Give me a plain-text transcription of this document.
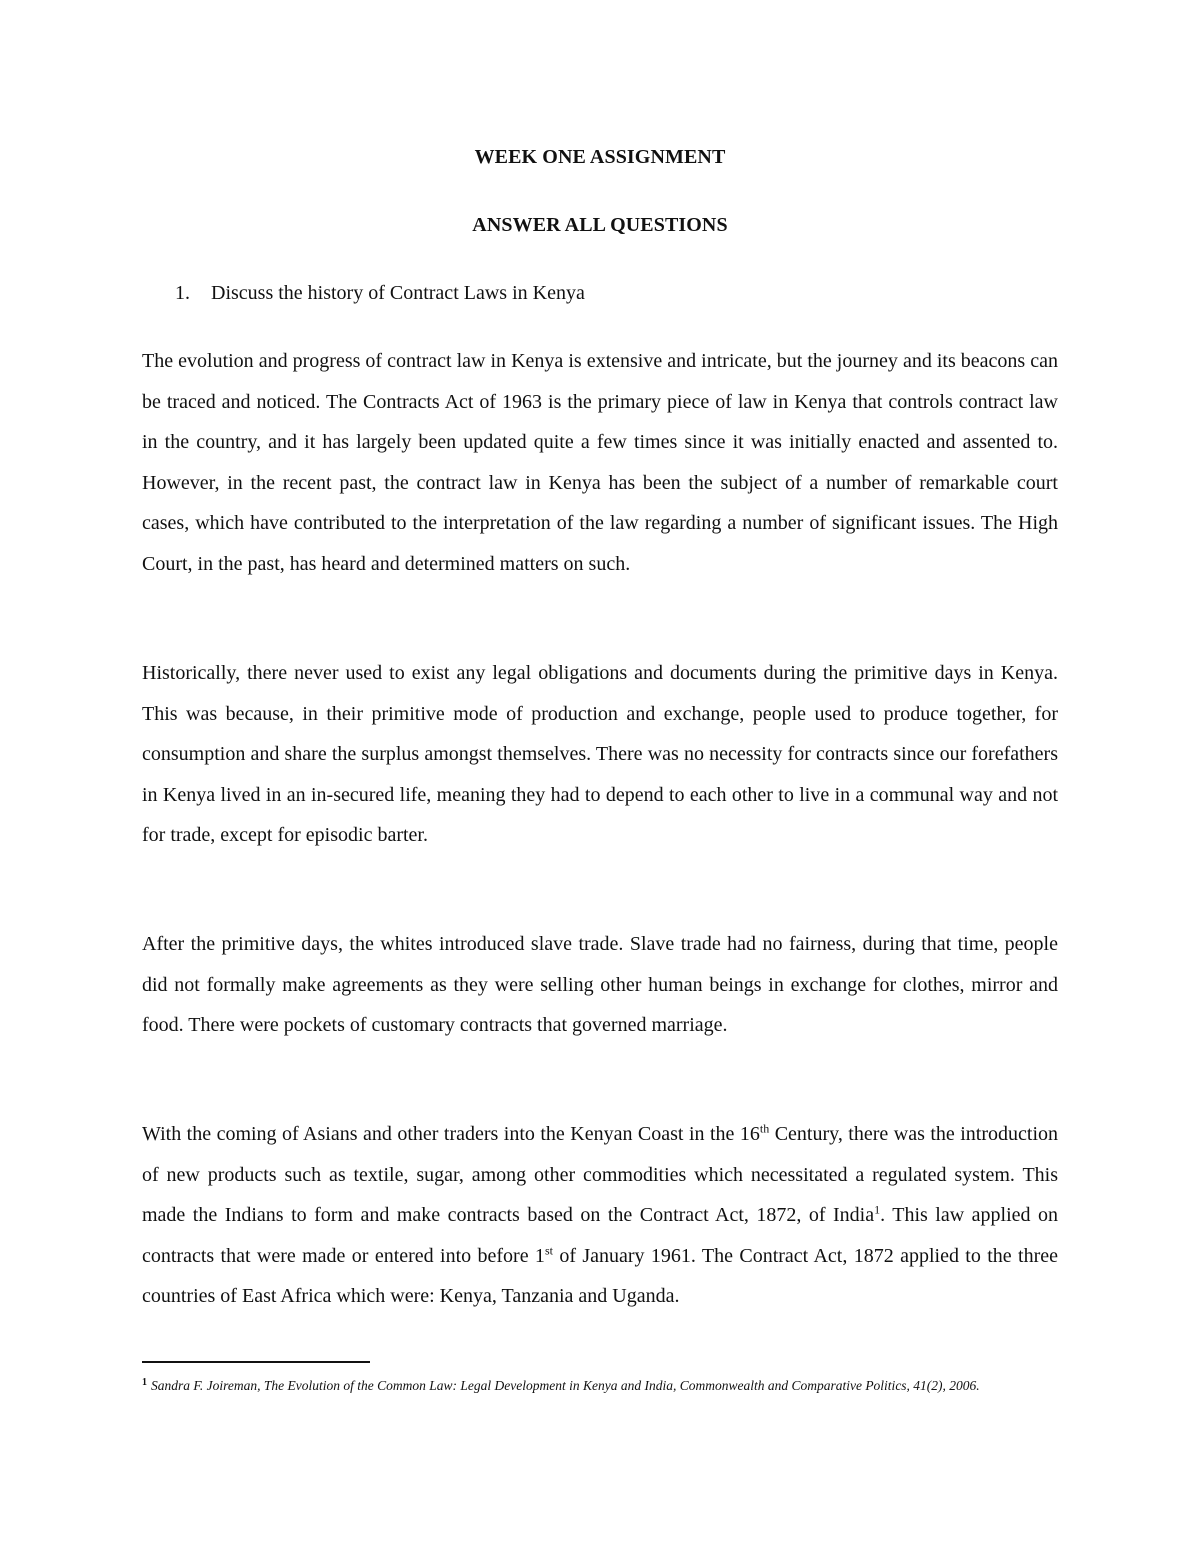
WEEK ONE ASSIGNMENT
ANSWER ALL QUESTIONS
1. Discuss the history of Contract Laws in Kenya

The evolution and progress of contract law in Kenya is extensive and intricate, but the journey and its beacons can be traced and noticed. The Contracts Act of 1963 is the primary piece of law in Kenya that controls contract law in the country, and it has largely been updated quite a few times since it was initially enacted and assented to. However, in the recent past, the contract law in Kenya has been the subject of a number of remarkable court cases, which have contributed to the interpretation of the law regarding a number of significant issues. The High Court, in the past, has heard and determined matters on such.

Historically, there never used to exist any legal obligations and documents during the primitive days in Kenya. This was because, in their primitive mode of production and exchange, people used to produce together, for consumption and share the surplus amongst themselves. There was no necessity for contracts since our forefathers in Kenya lived in an in-secured life, meaning they had to depend to each other to live in a communal way and not for trade, except for episodic barter.

After the primitive days, the whites introduced slave trade. Slave trade had no fairness, during that time, people did not formally make agreements as they were selling other human beings in exchange for clothes, mirror and food. There were pockets of customary contracts that governed marriage.

With the coming of Asians and other traders into the Kenyan Coast in the 16th Century, there was the introduction of new products such as textile, sugar, among other commodities which necessitated a regulated system. This made the Indians to form and make contracts based on the Contract Act, 1872, of India$^1$. This law applied on contracts that were made or entered into before 1st of January 1961. The Contract Act, 1872 applied to the three countries of East Africa which were: Kenya, Tanzania and Uganda.

$^1$ Sandra F. Joireman, The Evolution of the Common Law: Legal Development in Kenya and India, Commonwealth and Comparative Politics, 41(2), 2006.
